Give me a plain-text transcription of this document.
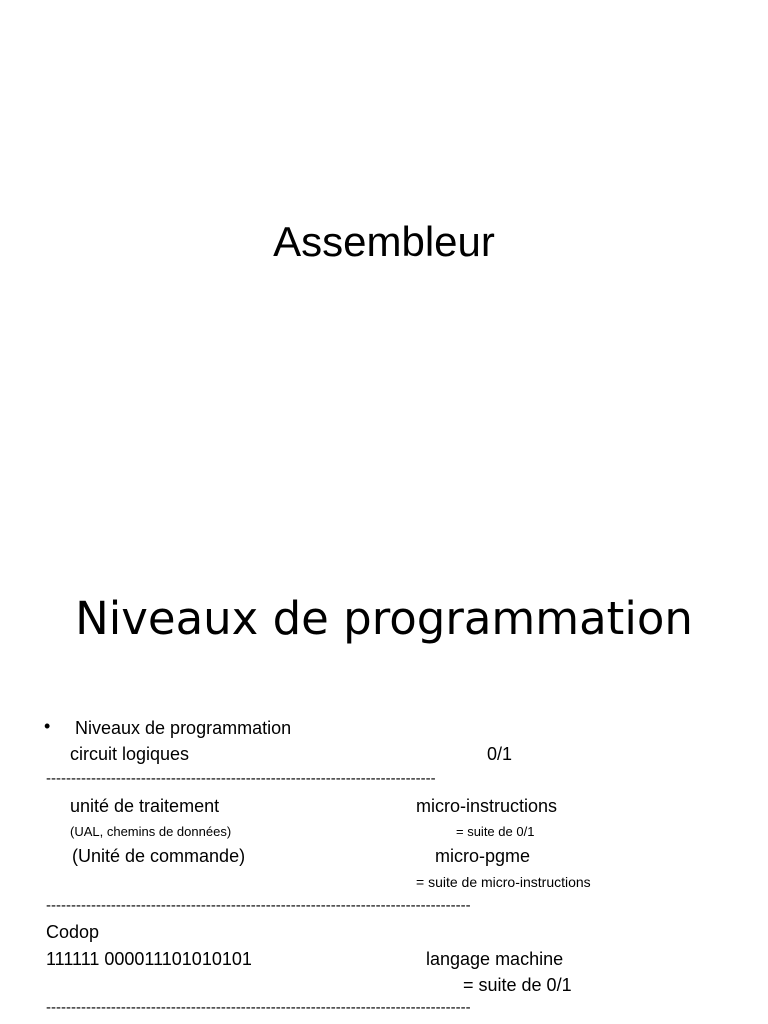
Assembleur
Niveaux de programmation
• Niveaux de programmation
circuit logiques	0/1
------------------------------------------------------------------------------
unité de traitement	micro-instructions
(UAL, chemins de données)	= suite de 0/1
(Unité de commande)	micro-pgme
= suite de micro-instructions
-------------------------------------------------------------------------------------
Codop
111111 000011101010101	langage machine
= suite de 0/1
-------------------------------------------------------------------------------------
